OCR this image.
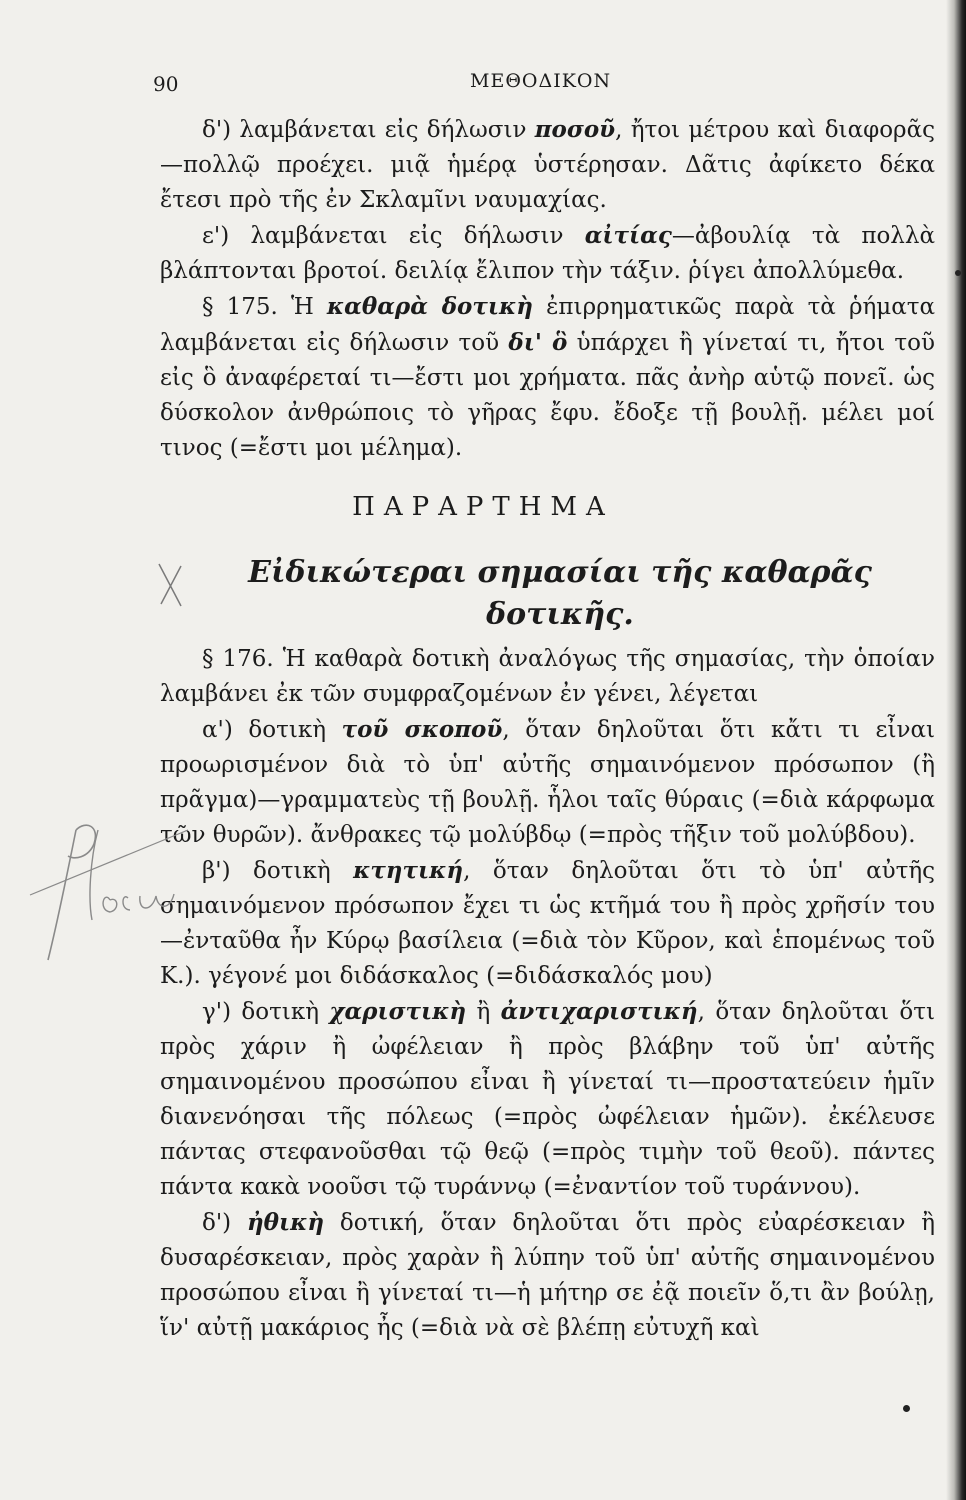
90	ΜΕΘΟΔΙΚΟΝ

δ') λαμβάνεται εἰς δήλωσιν ποσοῦ, ἤτοι μέτρου καὶ διαφορᾶς—πολλῷ προέχει. μιᾷ ἡμέρᾳ ὑστέρησαν. Δᾶτις ἀφίκετο δέκα ἔτεσι πρὸ τῆς ἐν Σκλαμῖνι ναυμαχίας.

ε') λαμβάνεται εἰς δήλωσιν αἰτίας—ἀβουλίᾳ τὰ πολλὰ βλάπτονται βροτοί. δειλίᾳ ἔλιπον τὴν τάξιν. ῥίγει ἀπολλύμεθα.

§ 175. Ἡ καθαρὰ δοτικὴ ἐπιρρηματικῶς παρὰ τὰ ῥήματα λαμβάνεται εἰς δήλωσιν τοῦ δι' ὃ ὑπάρχει ἢ γίνεταί τι, ἤτοι τοῦ εἰς ὃ ἀναφέρεταί τι—ἔστι μοι χρήματα. πᾶς ἀνὴρ αὑτῷ πονεῖ. ὡς δύσκολον ἀνθρώποις τὸ γῆρας ἔφυ. ἔδοξε τῇ βουλῇ. μέλει μοί τινος (=ἔστι μοι μέλημα).

ΠΑΡΑΡΤΗΜΑ
Εἰδικώτεραι σημασίαι τῆς καθαρᾶς δοτικῆς.

§ 176. Ἡ καθαρὰ δοτικὴ ἀναλόγως τῆς σημασίας, τὴν ὁποίαν λαμβάνει ἐκ τῶν συμφραζομένων ἐν γένει, λέγεται

α') δοτικὴ τοῦ σκοποῦ, ὅταν δηλοῦται ὅτι κἄτι τι εἶναι προωρισμένον διὰ τὸ ὑπ' αὐτῆς σημαινόμενον πρόσωπον (ἢ πρᾶγμα)—γραμματεὺς τῇ βουλῇ. ἧλοι ταῖς θύραις (=διὰ κάρφωμα τῶν θυρῶν). ἄνθρακες τῷ μολύβδῳ (=πρὸς τῆξιν τοῦ μολύβδου).

β') δοτικὴ κτητική, ὅταν δηλοῦται ὅτι τὸ ὑπ' αὐτῆς σημαινόμενον πρόσωπον ἔχει τι ὡς κτῆμά του ἢ πρὸς χρῆσίν του—ἐνταῦθα ἦν Κύρῳ βασίλεια (=διὰ τὸν Κῦρον, καὶ ἑπομένως τοῦ Κ.). γέγονέ μοι διδάσκαλος (=διδάσκαλός μου)

γ') δοτικὴ χαριστικὴ ἢ ἀντιχαριστική, ὅταν δηλοῦται ὅτι πρὸς χάριν ἢ ὠφέλειαν ἢ πρὸς βλάβην τοῦ ὑπ' αὐτῆς σημαινομένου προσώπου εἶναι ἢ γίνεταί τι—προστατεύειν ἡμῖν διανενόησαι τῆς πόλεως (=πρὸς ὠφέλειαν ἡμῶν). ἐκέλευσε πάντας στεφανοῦσθαι τῷ θεῷ (=πρὸς τιμὴν τοῦ θεοῦ). πάντες πάντα κακὰ νοοῦσι τῷ τυράννῳ (=ἐναντίον τοῦ τυράννου).

δ') ἠθικὴ δοτική, ὅταν δηλοῦται ὅτι πρὸς εὐαρέσκειαν ἢ δυσαρέσκειαν, πρὸς χαρὰν ἢ λύπην τοῦ ὑπ' αὐτῆς σημαινομένου προσώπου εἶναι ἢ γίνεταί τι—ἡ μήτηρ σε ἐᾷ ποιεῖν ὅ,τι ἂν βούλῃ, ἵν' αὐτῇ μακάριος ἦς (=διὰ νὰ σὲ βλέπῃ εὐτυχῆ καὶ
